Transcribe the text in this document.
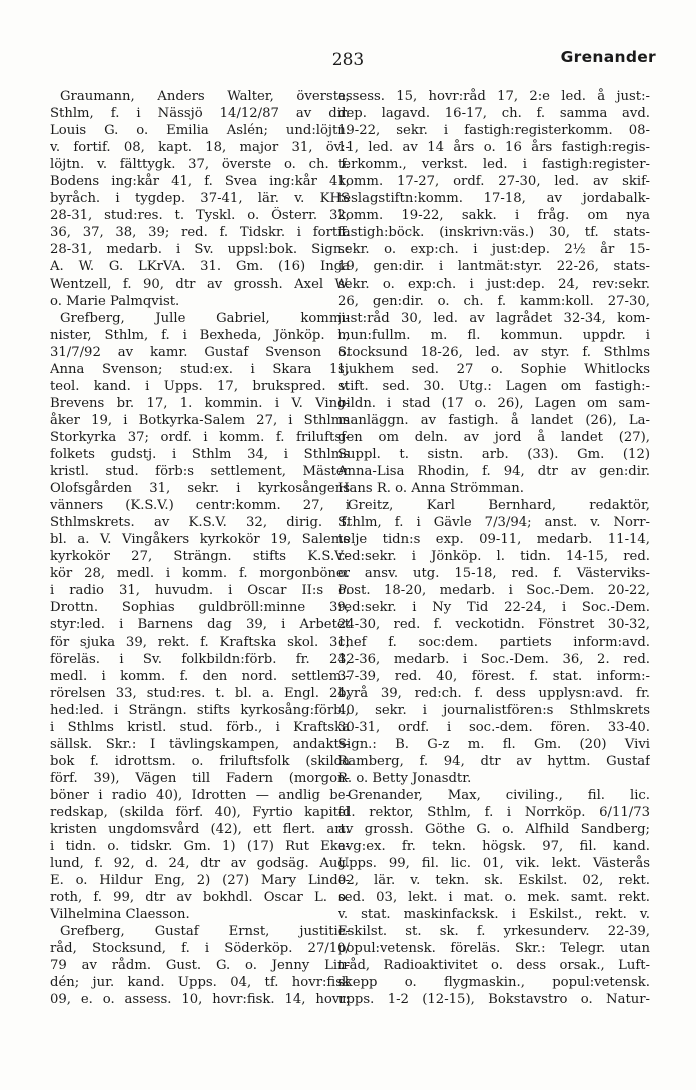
283	Grenander
Graumann, Anders Walter, överste,
Sthlm, f. i Nässjö 14/12/87 av dir.
Louis G. o. Emilia Aslén; und:löjtn.
v. fortif. 08, kapt. 18, major 31, öv:-
löjtn. v. fälttygk. 37, överste o. ch. f.
Bodens ing:kår 41, f. Svea ing:kår 41,
byråch. i tygdep. 37-41, lär. v. KHS
28-31, stud:res. t. Tyskl. o. Österr. 32,
36, 37, 38, 39; red. f. Tidskr. i fortif.
28-31, medarb. i Sv. uppsl:bok. Sign.:
A. W. G. LKrVA. 31. Gm. (16) Inga
Wentzell, f. 90, dtr av grossh. Axel W.
o. Marie Palmqvist.
Grefberg, Julle Gabriel, kommi-
nister, Sthlm, f. i Bexheda, Jönköp. l.,
31/7/92 av kamr. Gustaf Svenson o.
Anna Svenson; stud:ex. i Skara 11,
teol. kand. i Upps. 17, brukspred. v.
Brevens br. 17, 1. kommin. i V. Ving-
åker 19, i Botkyrka-Salem 27, i Sthlms
Storkyrka 37; ordf. i komm. f. friluftsf-
folkets gudstj. i Sthlm 34, i Sthlms
kristl. stud. förb:s settlement, Mäster
Olofsgården 31, sekr. i kyrkosångens
vänners (K.S.V.) centr:komm. 27, i
Sthlmskrets. av K.S.V. 32, dirig. f.
bl. a. V. Vingåkers kyrkokör 19, Salems
kyrkokör 27, Strängn. stifts K.S.V.-
kör 28, medl. i komm. f. morgonböner
i radio 31, huvudm. i Oscar II:s o.
Drottn. Sophias guldbröll:minne 39,
styr:led. i Barnens dag 39, i Arbetet
för sjuka 39, rekt. f. Kraftska skol. 31,
föreläs. i Sv. folkbildn:förb. fr. 24,
medl. i komm. f. den nord. settlem:-
rörelsen 33, stud:res. t. bl. a. Engl. 24,
hed:led. i Strängn. stifts kyrkosång:förb.,
i Sthlms kristl. stud. förb., i Kraftska
sällsk. Skr.: I tävlingskampen, andakts-
bok f. idrottsm. o. friluftsfolk (skilda
förf. 39), Vägen till Fadern (morgon-
böner i radio 40), Idrotten — andlig be-
redskap, (skilda förf. 40), Fyrtio kapitel
kristen ungdomsvård (42), ett flert. art.
i tidn. o. tidskr. Gm. 1) (17) Rut Eke-
lund, f. 92, d. 24, dtr av godsäg. Aug.
E. o. Hildur Eng, 2) (27) Mary Linde-
roth, f. 99, dtr av bokhdl. Oscar L. o.
Vilhelmina Claesson.
Grefberg, Gustaf Ernst, justitie-
råd, Stocksund, f. i Söderköp. 27/10/
79 av rådm. Gust. G. o. Jenny Lin-
dén; jur. kand. Upps. 04, tf. hovr:fisk
09, e. o. assess. 10, hovr:fisk. 14, hovr:
assess. 15, hovr:råd 17, 2:e led. å just:-
dep. lagavd. 16-17, ch. f. samma avd.
19-22, sekr. i fastigh:registerkomm. 08-
11, led. av 14 års o. 16 års fastigh:regis-
terkomm., verkst. led. i fastigh:register-
komm. 17-27, ordf. 27-30, led. av skif-
teslagstiftn:komm. 17-18, av jordabalk-
komm. 19-22, sakk. i fråg. om nya
fastigh:böck. (inskrivn:väs.) 30, tf. stats-
sekr. o. exp:ch. i just:dep. 2½ år 15-
19, gen:dir. i lantmät:styr. 22-26, stats-
sekr. o. exp:ch. i just:dep. 24, rev:sekr.
26, gen:dir. o. ch. f. kamm:koll. 27-30,
just:råd 30, led. av lagrådet 32-34, kom-
mun:fullm. m. fl. kommun. uppdr. i
Stocksund 18-26, led. av styr. f. Sthlms
sjukhem sed. 27 o. Sophie Whitlocks
stift. sed. 30. Utg.: Lagen om fastigh:-
bildn. i stad (17 o. 26), Lagen om sam-
manläggn. av fastigh. å landet (26), La-
gen om deln. av jord å landet (27),
Suppl. t. sistn. arb. (33). Gm. (12)
Anna-Lisa Rhodin, f. 94, dtr av gen:dir.
Hans R. o. Anna Strömman.
Greitz, Karl Bernhard, redaktör,
Sthlm, f. i Gävle 7/3/94; anst. v. Norr-
telje tidn:s exp. 09-11, medarb. 11-14,
red:sekr. i Jönköp. l. tidn. 14-15, red.
o. ansv. utg. 15-18, red. f. Västerviks-
Post. 18-20, medarb. i Soc.-Dem. 20-22,
red:sekr. i Ny Tid 22-24, i Soc.-Dem.
24-30, red. f. veckotidn. Fönstret 30-32,
chef f. soc:dem. partiets inform:avd.
32-36, medarb. i Soc.-Dem. 36, 2. red.
37-39, red. 40, förest. f. stat. inform:-
byrå 39, red:ch. f. dess upplysn:avd. fr.
40, sekr. i journalistfören:s Sthlmskrets
30-31, ordf. i soc.-dem. fören. 33-40.
Sign.: B. G-z m. fl. Gm. (20) Vivi
Ramberg, f. 94, dtr av hyttm. Gustaf
R. o. Betty Jonasdtr.
Grenander, Max, civiling., fil. lic.
fd. rektor, Sthlm, f. i Norrköp. 6/11/73
av grossh. Göthe G. o. Alfhild Sandberg;
avg:ex. fr. tekn. högsk. 97, fil. kand.
Upps. 99, fil. lic. 01, vik. lekt. Västerås
02, lär. v. tekn. sk. Eskilst. 02, rekt.
sed. 03, lekt. i mat. o. mek. samt. rekt.
v. stat. maskinfacksk. i Eskilst., rekt. v.
Eskilst. st. sk. f. yrkesunderv. 22-39,
popul:vetensk. föreläs. Skr.: Telegr. utan
tråd, Radioaktivitet o. dess orsak., Luft-
skepp o. flygmaskin., popul:vetensk.
upps. 1-2 (12-15), Bokstavstro o. Natur-
